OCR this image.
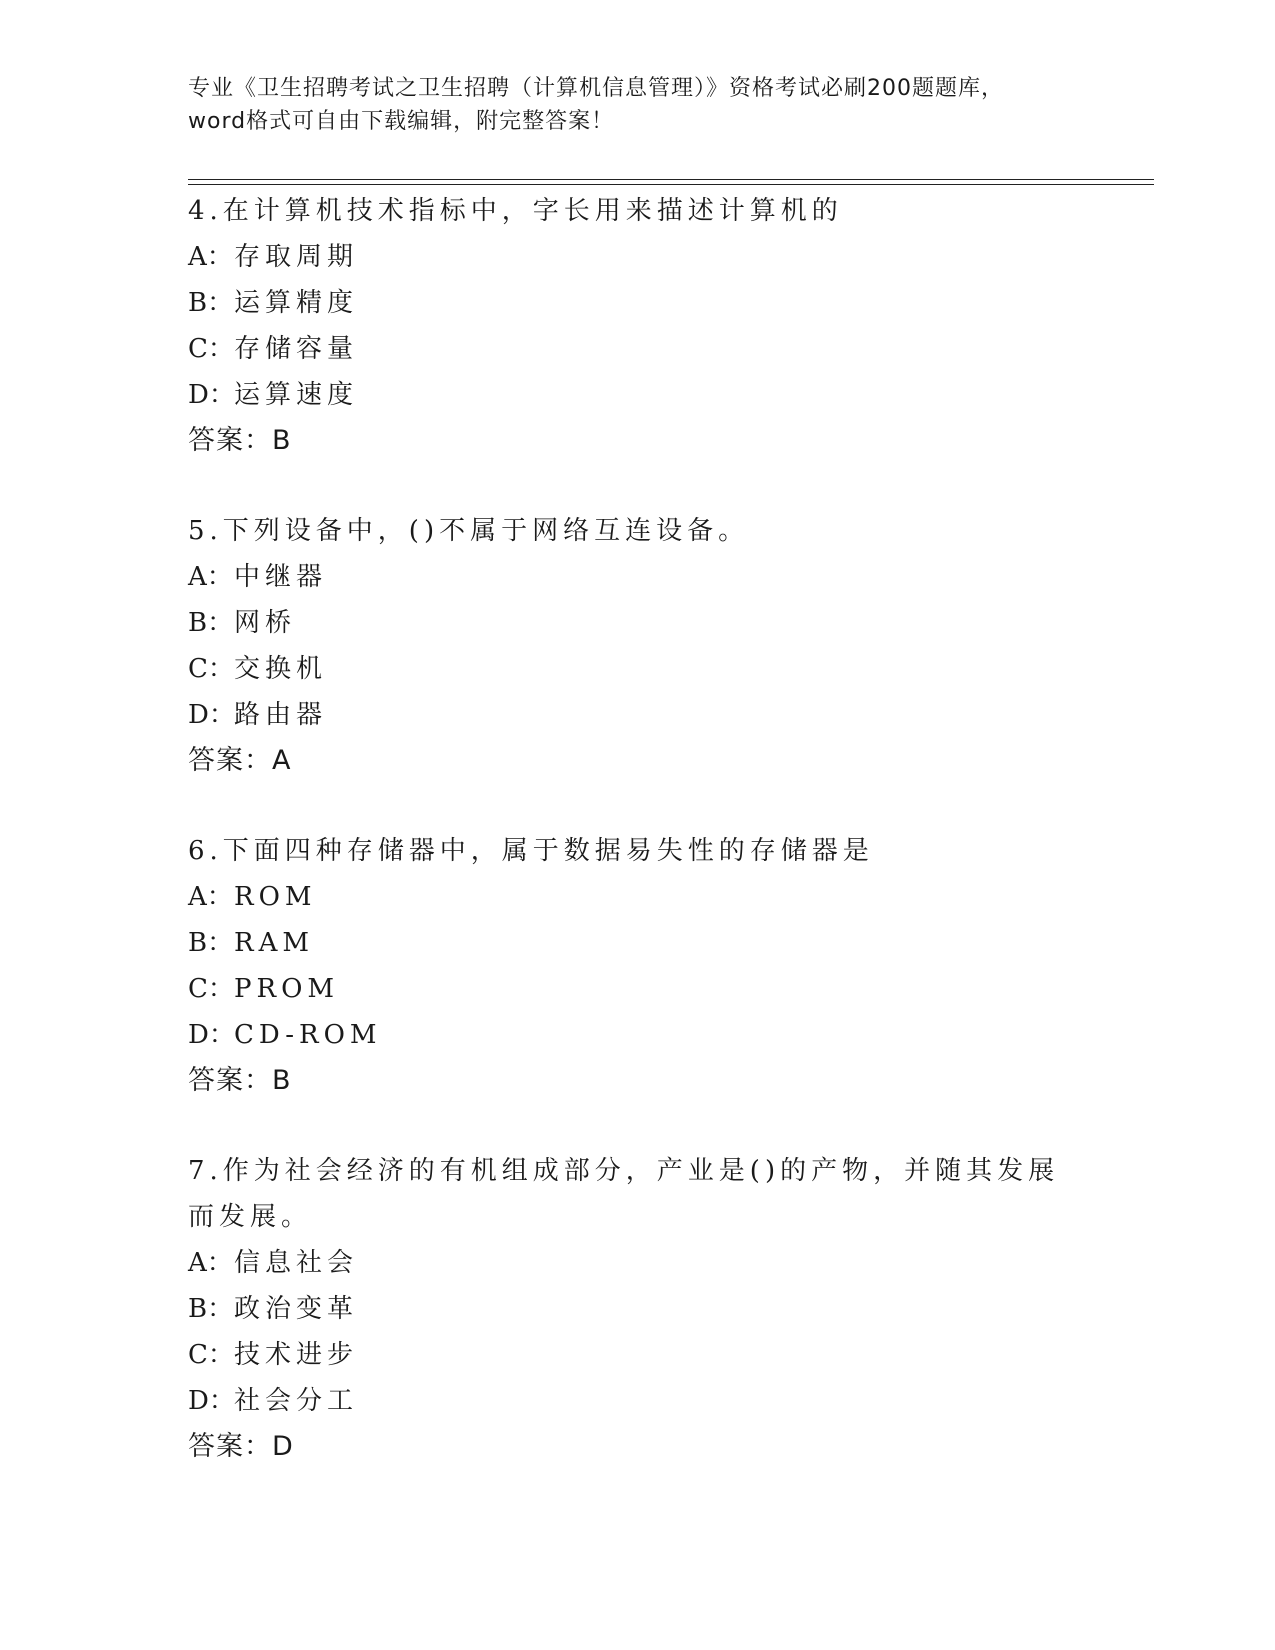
专业《卫生招聘考试之卫生招聘（计算机信息管理）》资格考试必刷200题题库，
word格式可自由下载编辑，附完整答案！

4.在计算机技术指标中，字长用来描述计算机的

A： 存取周期
B： 运算精度
C： 存储容量
D： 运算速度

答案：B

5.下列设备中，()不属于网络互连设备。

A： 中继器
B： 网桥
C： 交换机
D： 路由器

答案：A

6.下面四种存储器中，属于数据易失性的存储器是

A： ROM
B： RAM
C： PROM
D： CD-ROM

答案：B

7.作为社会经济的有机组成部分，产业是()的产物，并随其发展而发展。

A： 信息社会
B： 政治变革
C： 技术进步
D： 社会分工

答案：D
